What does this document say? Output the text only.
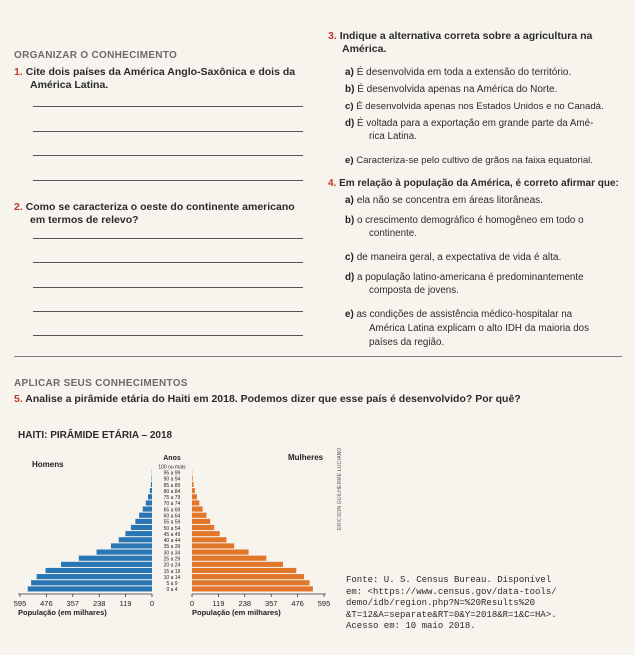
ORGANIZAR O CONHECIMENTO
1. Cite dois países da América Anglo-Saxônica e dois da
América Latina.
2. Como se caracteriza o oeste do continente americano
em termos de relevo?
3. Indique a alternativa correta sobre a agricultura na
América.
a) É desenvolvida em toda a extensão do território.
b) É desenvolvida apenas na América do Norte.
c) É desenvolvida apenas nos Estados Unidos e no Canadá.
d) É voltada para a exportação em grande parte da Amé-
rica Latina.
e) Caracteriza-se pelo cultivo de grãos na faixa equatorial.
4. Em relação à população da América, é correto afirmar que:
a) ela não se concentra em áreas litorâneas.
b) o crescimento demográfico é homogêneo em todo o
continente.
c) de maneira geral, a expectativa de vida é alta.
d) a população latino-americana é predominantemente
composta de jovens.
e) as condições de assistência médico-hospitalar na
América Latina explicam o alto IDH da maioria dos
países da região.
APLICAR SEUS CONHECIMENTOS
5. Analise a pirâmide etária do Haiti em 2018. Podemos dizer que esse país é desenvolvido? Por quê?
HAITI: PIRÂMIDE ETÁRIA – 2018
Homens
Mulheres
Anos
100 ou mais
95 a 99
90 a 94
85 a 89
80 a 84
75 a 79
70 a 74
65 a 69
60 a 64
55 a 59
50 a 54
45 a 49
40 a 44
35 a 39
30 a 34
25 a 29
20 a 24
15 a 19
10 a 14
5 a 9
0 a 4
595 476 357 238 119 0	0 119 238 357 476 595
População (em milhares)	População (em milhares)
ERICSON GUILHERME LUCIANO
Fonte: U. S. Census Bureau. Disponível
em: <https://www.census.gov/data-tools/
demo/idb/region.php?N=%20Results%20
&T=12&A=separate&RT=0&Y=2018&R=1&C=HA>.
Acesso em: 10 maio 2018.
